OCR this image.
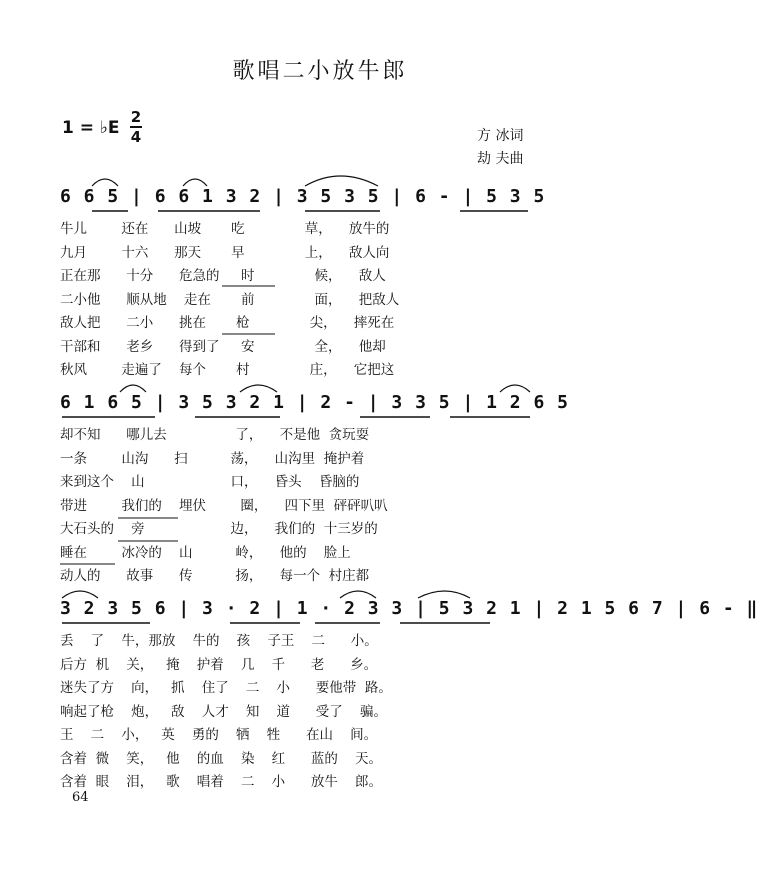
歌唱二小放牛郎
1 = ♭E
2
4	方 冰词
劫 夫曲
6 6 5 | 6 6 1 3 2 | 3 5 3 5 | 6 - | 5 3 5
牛儿        还在      山坡       吃              草，    放牛的
九月        十六      那天       早              上，    敌人向
正在那      十分      危急的     时              候，    敌人
二小他      顺从地    走在       前              面，    把敌人
敌人把      二小      挑在       枪              尖，    摔死在
干部和      老乡      得到了     安              全，    他却
秋风        走遍了    每个       村              庄，    它把这
6 1 6 5 | 3 5 3 2 1 | 2 - | 3 3 5 | 1 2 6 5
却不知      哪儿去                了，    不是他  贪玩耍
一条        山沟      扫          荡，    山沟里  掩护着
来到这个    山                    口，    昏头    昏脑的
带进        我们的    埋伏        圈，    四下里  砰砰叭叭
大石头的    旁                    边，    我们的  十三岁的
睡在        冰冷的    山          岭，    他的    脸上
动人的      故事      传          扬，    每一个  村庄都
3 2 3 5 6 | 3 · 2 | 1 · 2 3 3 | 5 3 2 1 | 2 1 5 6 7 | 6 - ‖
丢    了    牛，那放    牛的    孩    子王    二      小。
后方  机    关，   掩    护着    几    千      老      乡。
迷失了方    向，   抓    住了    二    小      要他带  路。
响起了枪    炮，   敌    人才    知    道      受了    骗。
王    二    小，   英    勇的    牺    牲      在山    间。
含着  微    笑，   他    的血    染    红      蓝的    天。
含着  眼    泪，   歌    唱着    二    小      放牛    郎。
64
